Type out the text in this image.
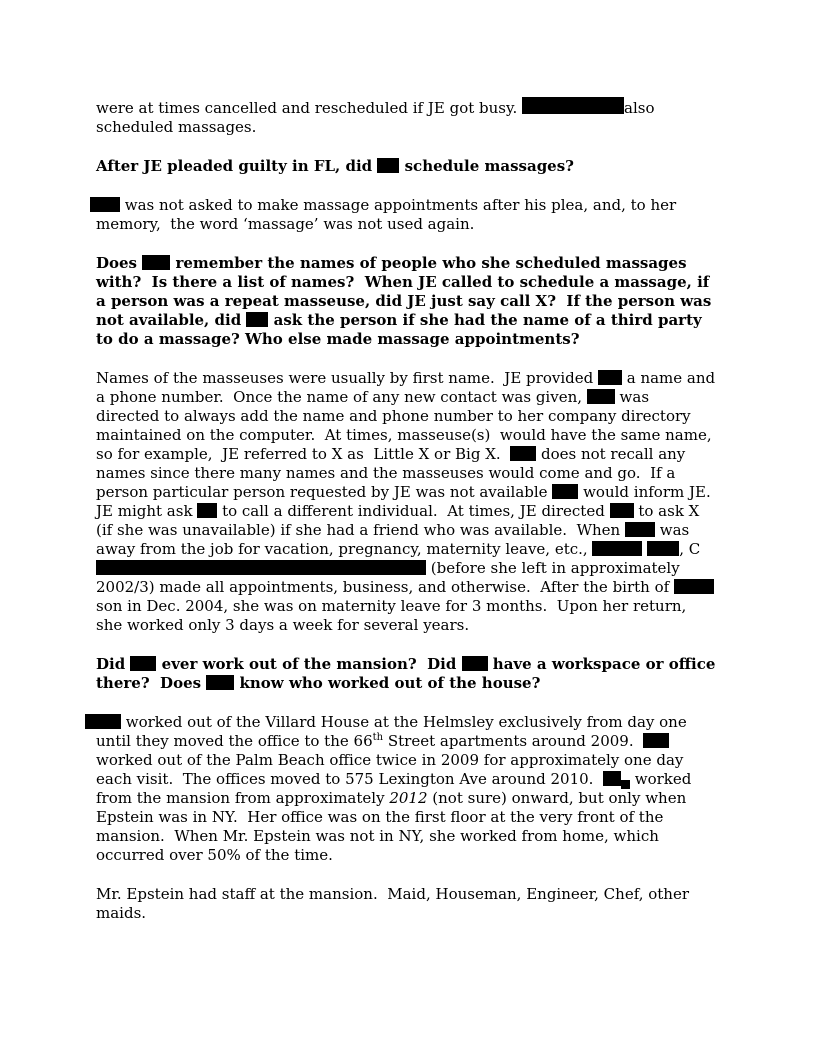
were at times cancelled and rescheduled if JE got busy.	also scheduled massages.
After JE pleaded guilty in FL, did  schedule massages?
was not asked to make massage appointments after his plea, and, to her memory,  the word ‘massage’ was not used again.
Does  remember the names of people who she scheduled massages with?  Is there a list of names?  When JE called to schedule a massage, if a person was a repeat masseuse, did JE just say call X?  If the person was not available, did  ask the person if she had the name of a third party to do a massage? Who else made massage appointments?
Names of the masseuses were usually by first name.  JE provided  a name and a phone number.  Once the name of any new contact was given,  was directed to always add the name and phone number to her company directory maintained on the computer.  At times, masseuse(s)  would have the same name, so for example,  JE referred to X as  Little X or Big X.   does not recall any names since there many names and the masseuses would come and go.  If a person particular person requested by JE was not available  would inform JE.  JE might ask  to call a different individual.  At times, JE directed  to ask X (if she was unavailable) if she had a friend who was available.  When  was away from the job for vacation, pregnancy, maternity leave, etc.,	, C (before she left in approximately 2002/3) made all appointments, business, and otherwise.  After the birth of	son in Dec. 2004, she was on maternity leave for 3 months.  Upon her return, she worked only 3 days a week for several years.
Did  ever work out of the mansion?  Did  have a workspace or office there?  Does  know who worked out of the house?
worked out of the Villard House at the Helmsley exclusively from day one until they moved the office to the 66th Street apartments around 2009.   worked out of the Palm Beach office twice in 2009 for approximately one day each visit.  The offices moved to 575 Lexington Ave around 2010.   worked from the mansion from approximately 2012 (not sure) onward, but only when Epstein was in NY.  Her office was on the first floor at the very front of the mansion.  When Mr. Epstein was not in NY, she worked from home, which occurred over 50% of the time.
Mr. Epstein had staff at the mansion.  Maid, Houseman, Engineer, Chef, other maids.
